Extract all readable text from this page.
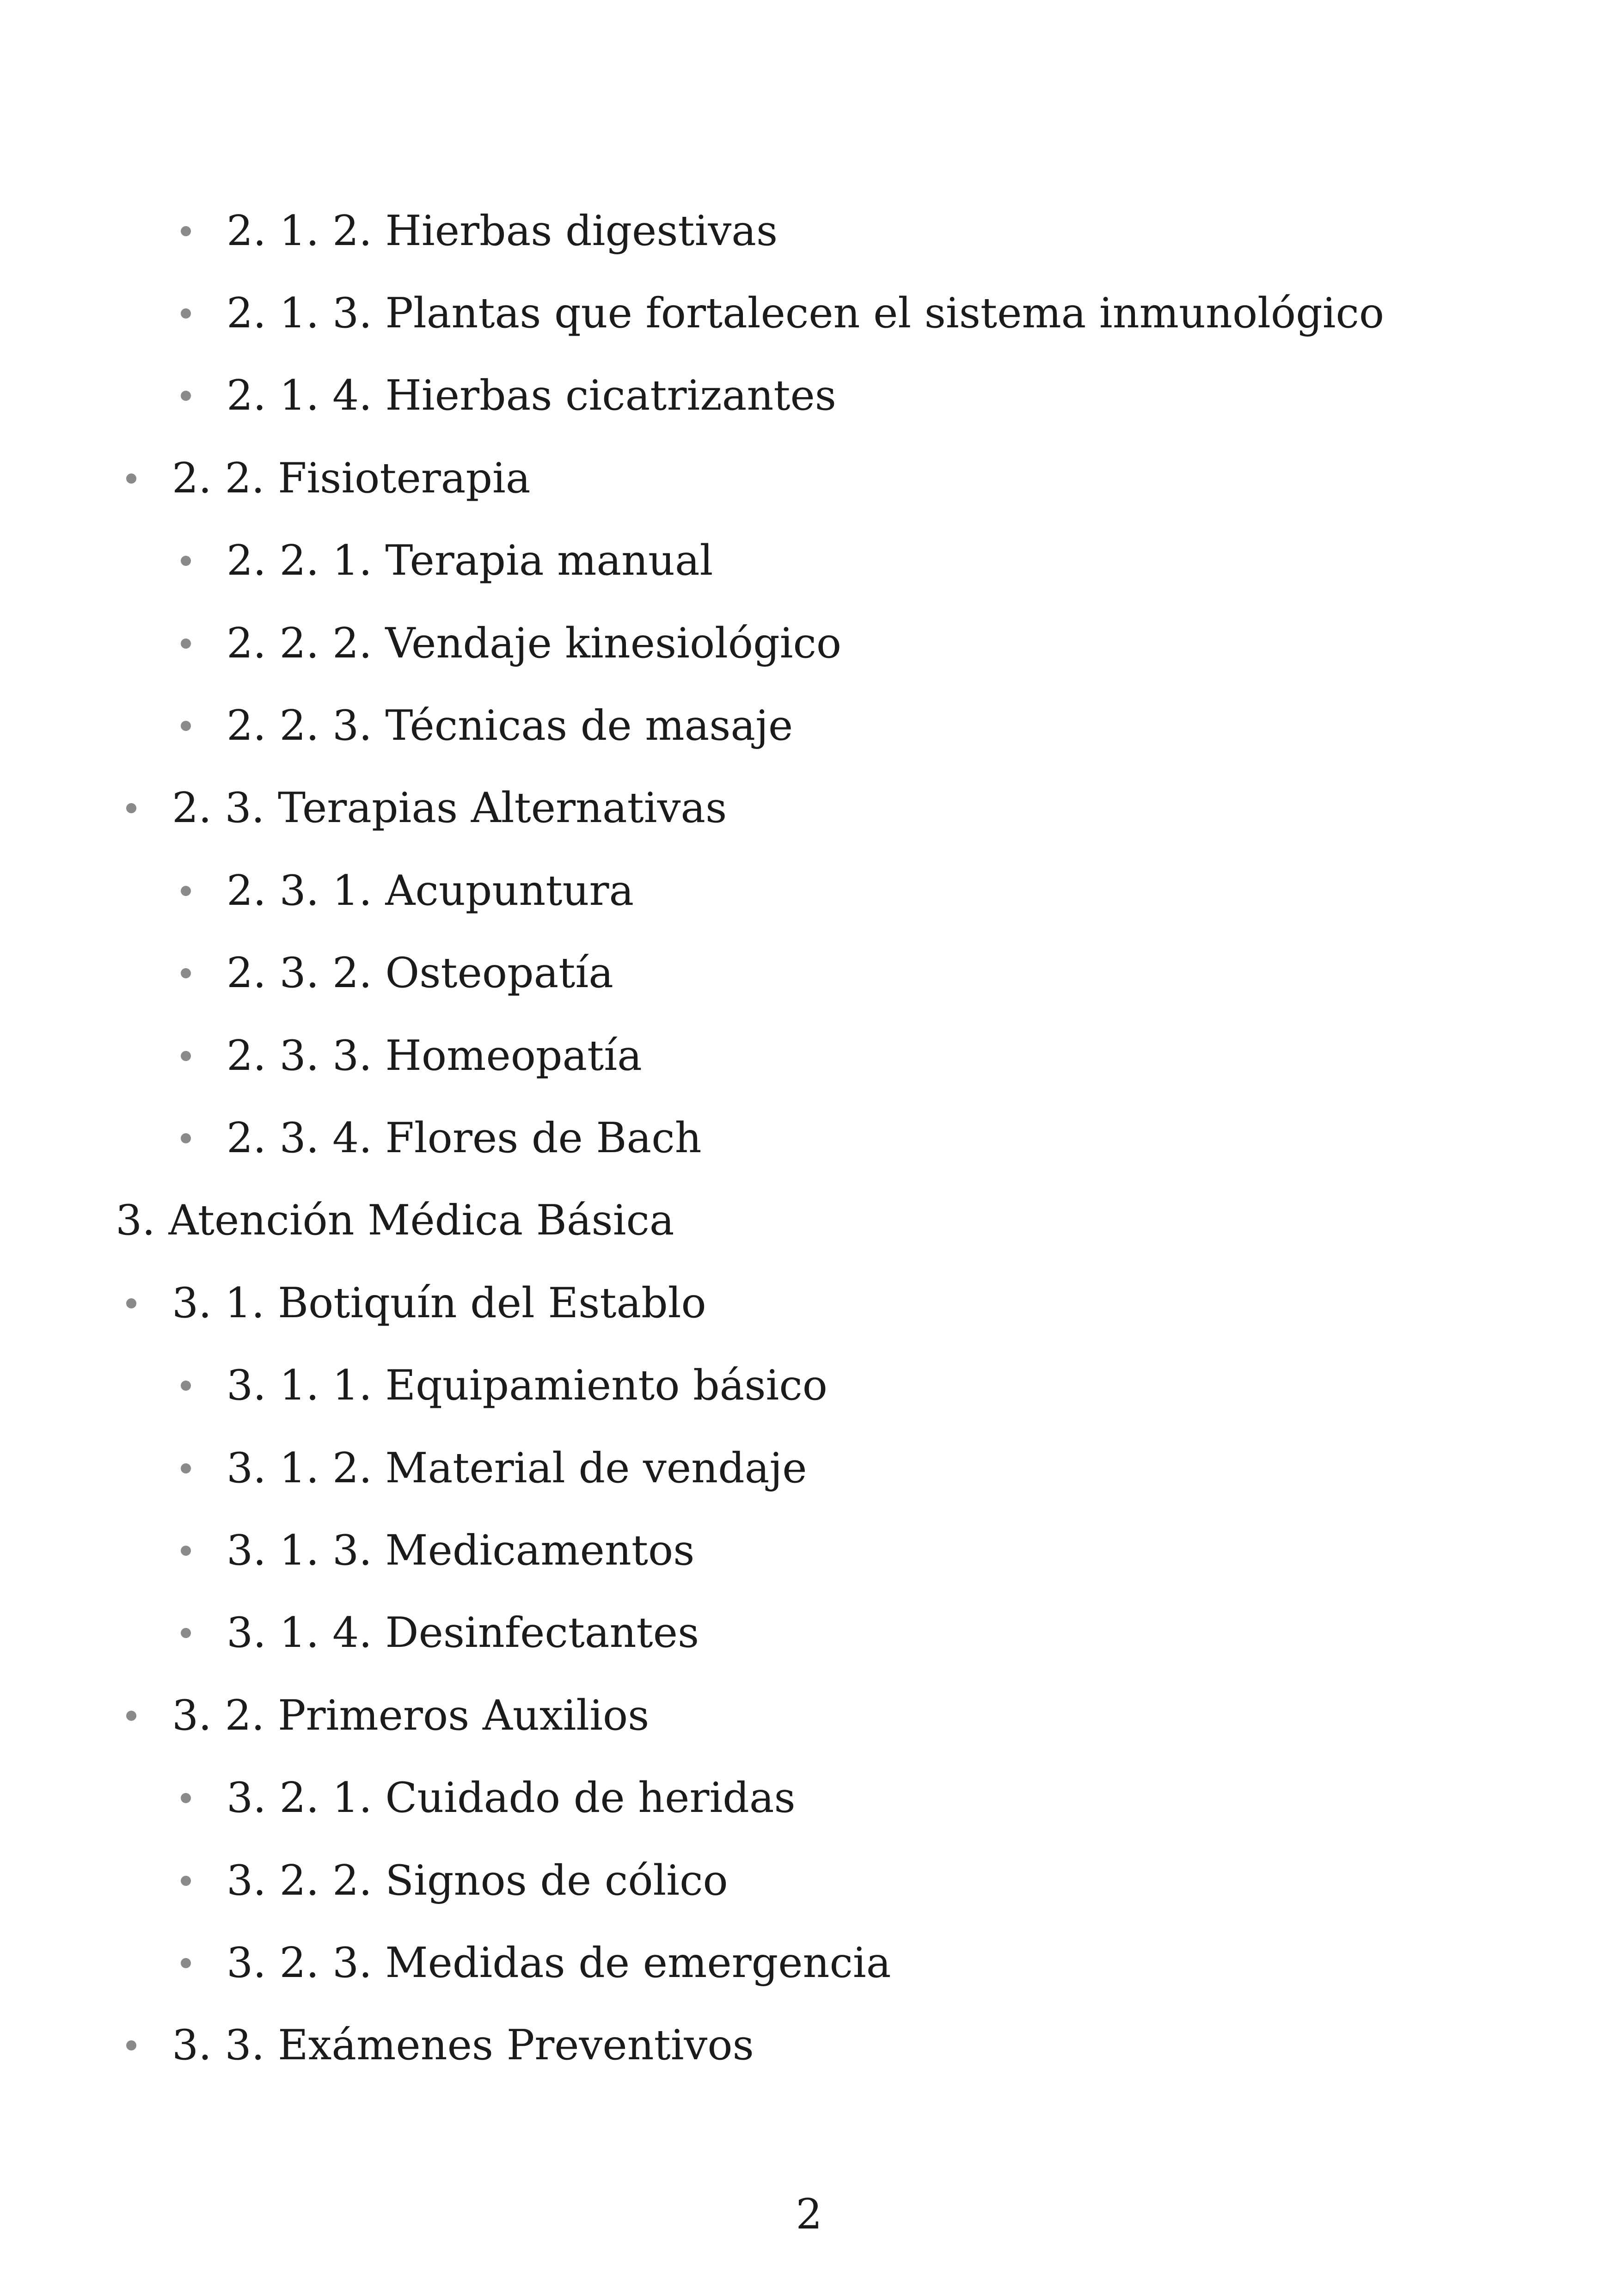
2. 1. 2. Hierbas digestivas
2. 1. 3. Plantas que fortalecen el sistema inmunológico
2. 1. 4. Hierbas cicatrizantes
2. 2. Fisioterapia
2. 2. 1. Terapia manual
2. 2. 2. Vendaje kinesiológico
2. 2. 3. Técnicas de masaje
2. 3. Terapias Alternativas
2. 3. 1. Acupuntura
2. 3. 2. Osteopatía
2. 3. 3. Homeopatía
2. 3. 4. Flores de Bach
3. Atención Médica Básica
3. 1. Botiquín del Establo
3. 1. 1. Equipamiento básico
3. 1. 2. Material de vendaje
3. 1. 3. Medicamentos
3. 1. 4. Desinfectantes
3. 2. Primeros Auxilios
3. 2. 1. Cuidado de heridas
3. 2. 2. Signos de cólico
3. 2. 3. Medidas de emergencia
3. 3. Exámenes Preventivos
2
